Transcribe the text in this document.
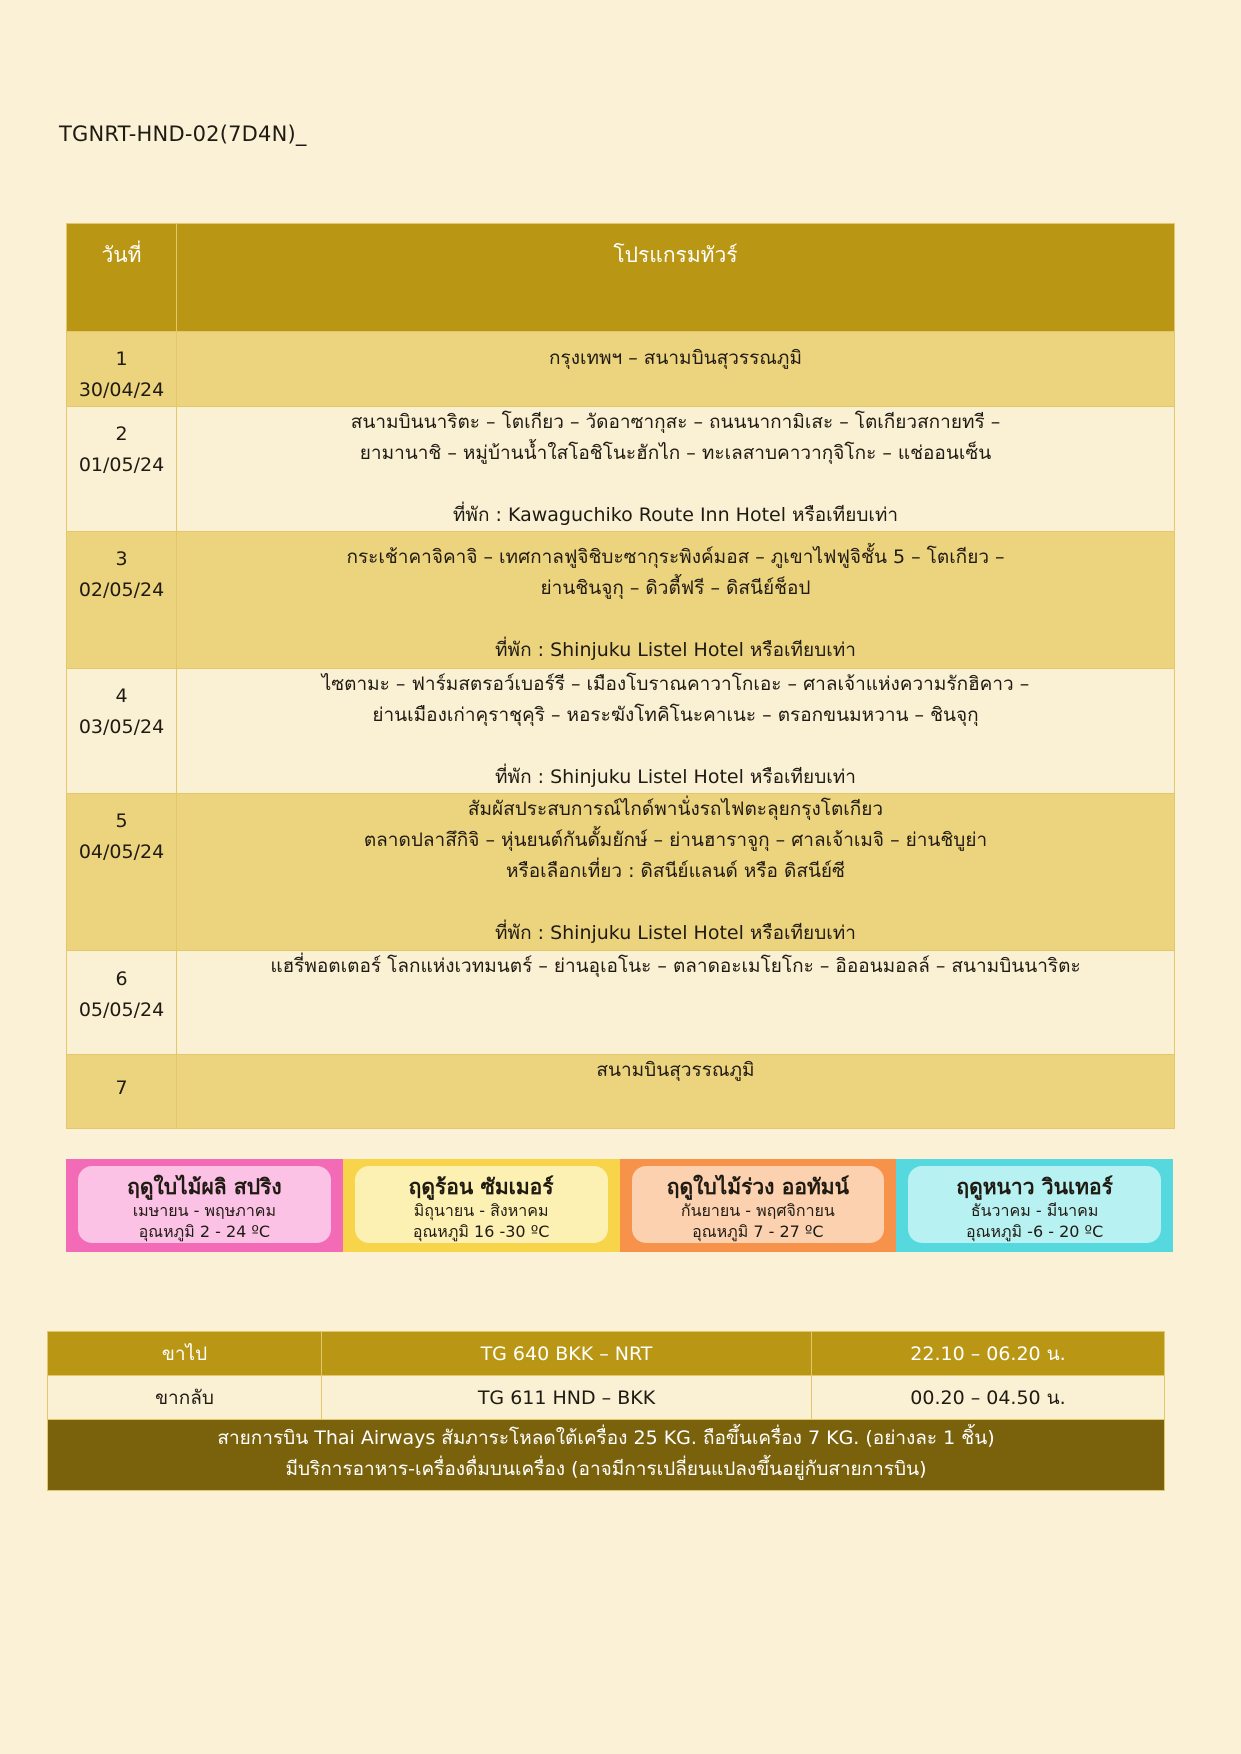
TGNRT-HND-02(7D4N)_
วันที่	โปรแกรมทัวร์

1
30/04/24	กรุงเทพฯ – สนามบินสุวรรณภูมิ

2
01/05/24	สนามบินนาริตะ – โตเกียว – วัดอาซากุสะ – ถนนนากามิเสะ – โตเกียวสกายทรี –
ยามานาชิ – หมู่บ้านน้ำใสโอชิโนะฮักไก – ทะเลสาบคาวากุจิโกะ – แช่ออนเซ็น
ที่พัก : Kawaguchiko Route Inn Hotel หรือเทียบเท่า

3
02/05/24	กระเช้าคาจิคาจิ – เทศกาลฟูจิชิบะซากุระพิงค์มอส – ภูเขาไฟฟูจิชั้น 5 – โตเกียว –
ย่านชินจูกุ – ดิวตี้ฟรี – ดิสนีย์ช็อป
ที่พัก : Shinjuku Listel Hotel หรือเทียบเท่า

4
03/05/24	ไซตามะ – ฟาร์มสตรอว์เบอร์รี – เมืองโบราณคาวาโกเอะ – ศาลเจ้าแห่งความรักฮิคาว –
ย่านเมืองเก่าคุราชุคุริ – หอระฆังโทคิโนะคาเนะ – ตรอกขนมหวาน – ชินจุกุ
ที่พัก : Shinjuku Listel Hotel หรือเทียบเท่า

5
04/05/24	สัมผัสประสบการณ์ไกด์พานั่งรถไฟตะลุยกรุงโตเกียว
ตลาดปลาสึกิจิ – หุ่นยนต์กันดั้มยักษ์ – ย่านฮาราจูกุ – ศาลเจ้าเมจิ – ย่านชิบูย่า
หรือเลือกเที่ยว : ดิสนีย์แลนด์ หรือ ดิสนีย์ซี
ที่พัก : Shinjuku Listel Hotel หรือเทียบเท่า

6
05/05/24	แฮรี่พอตเตอร์ โลกแห่งเวทมนตร์ – ย่านอุเอโนะ – ตลาดอะเมโยโกะ – อิออนมอลล์ – สนามบินนาริตะ

7	สนามบินสุวรรณภูมิ
ฤดูใบไม้ผลิ สปริง
เมษายน - พฤษภาคม
อุณหภูมิ 2 - 24 ºC
ฤดูร้อน ซัมเมอร์
มิถุนายน - สิงหาคม
อุณหภูมิ 16 -30 ºC
ฤดูใบไม้ร่วง ออทัมน์
กันยายน - พฤศจิกายน
อุณหภูมิ 7 - 27 ºC
ฤดูหนาว วินเทอร์
ธันวาคม - มีนาคม
อุณหภูมิ -6 - 20 ºC
ขาไป	TG 640 BKK – NRT	22.10 – 06.20 น.
ขากลับ	TG 611 HND – BKK	00.20 – 04.50 น.

สายการบิน Thai Airways สัมภาระโหลดใต้เครื่อง 25 KG. ถือขึ้นเครื่อง 7 KG. (อย่างละ 1 ชิ้น)
มีบริการอาหาร-เครื่องดื่มบนเครื่อง (อาจมีการเปลี่ยนแปลงขึ้นอยู่กับสายการบิน)		
